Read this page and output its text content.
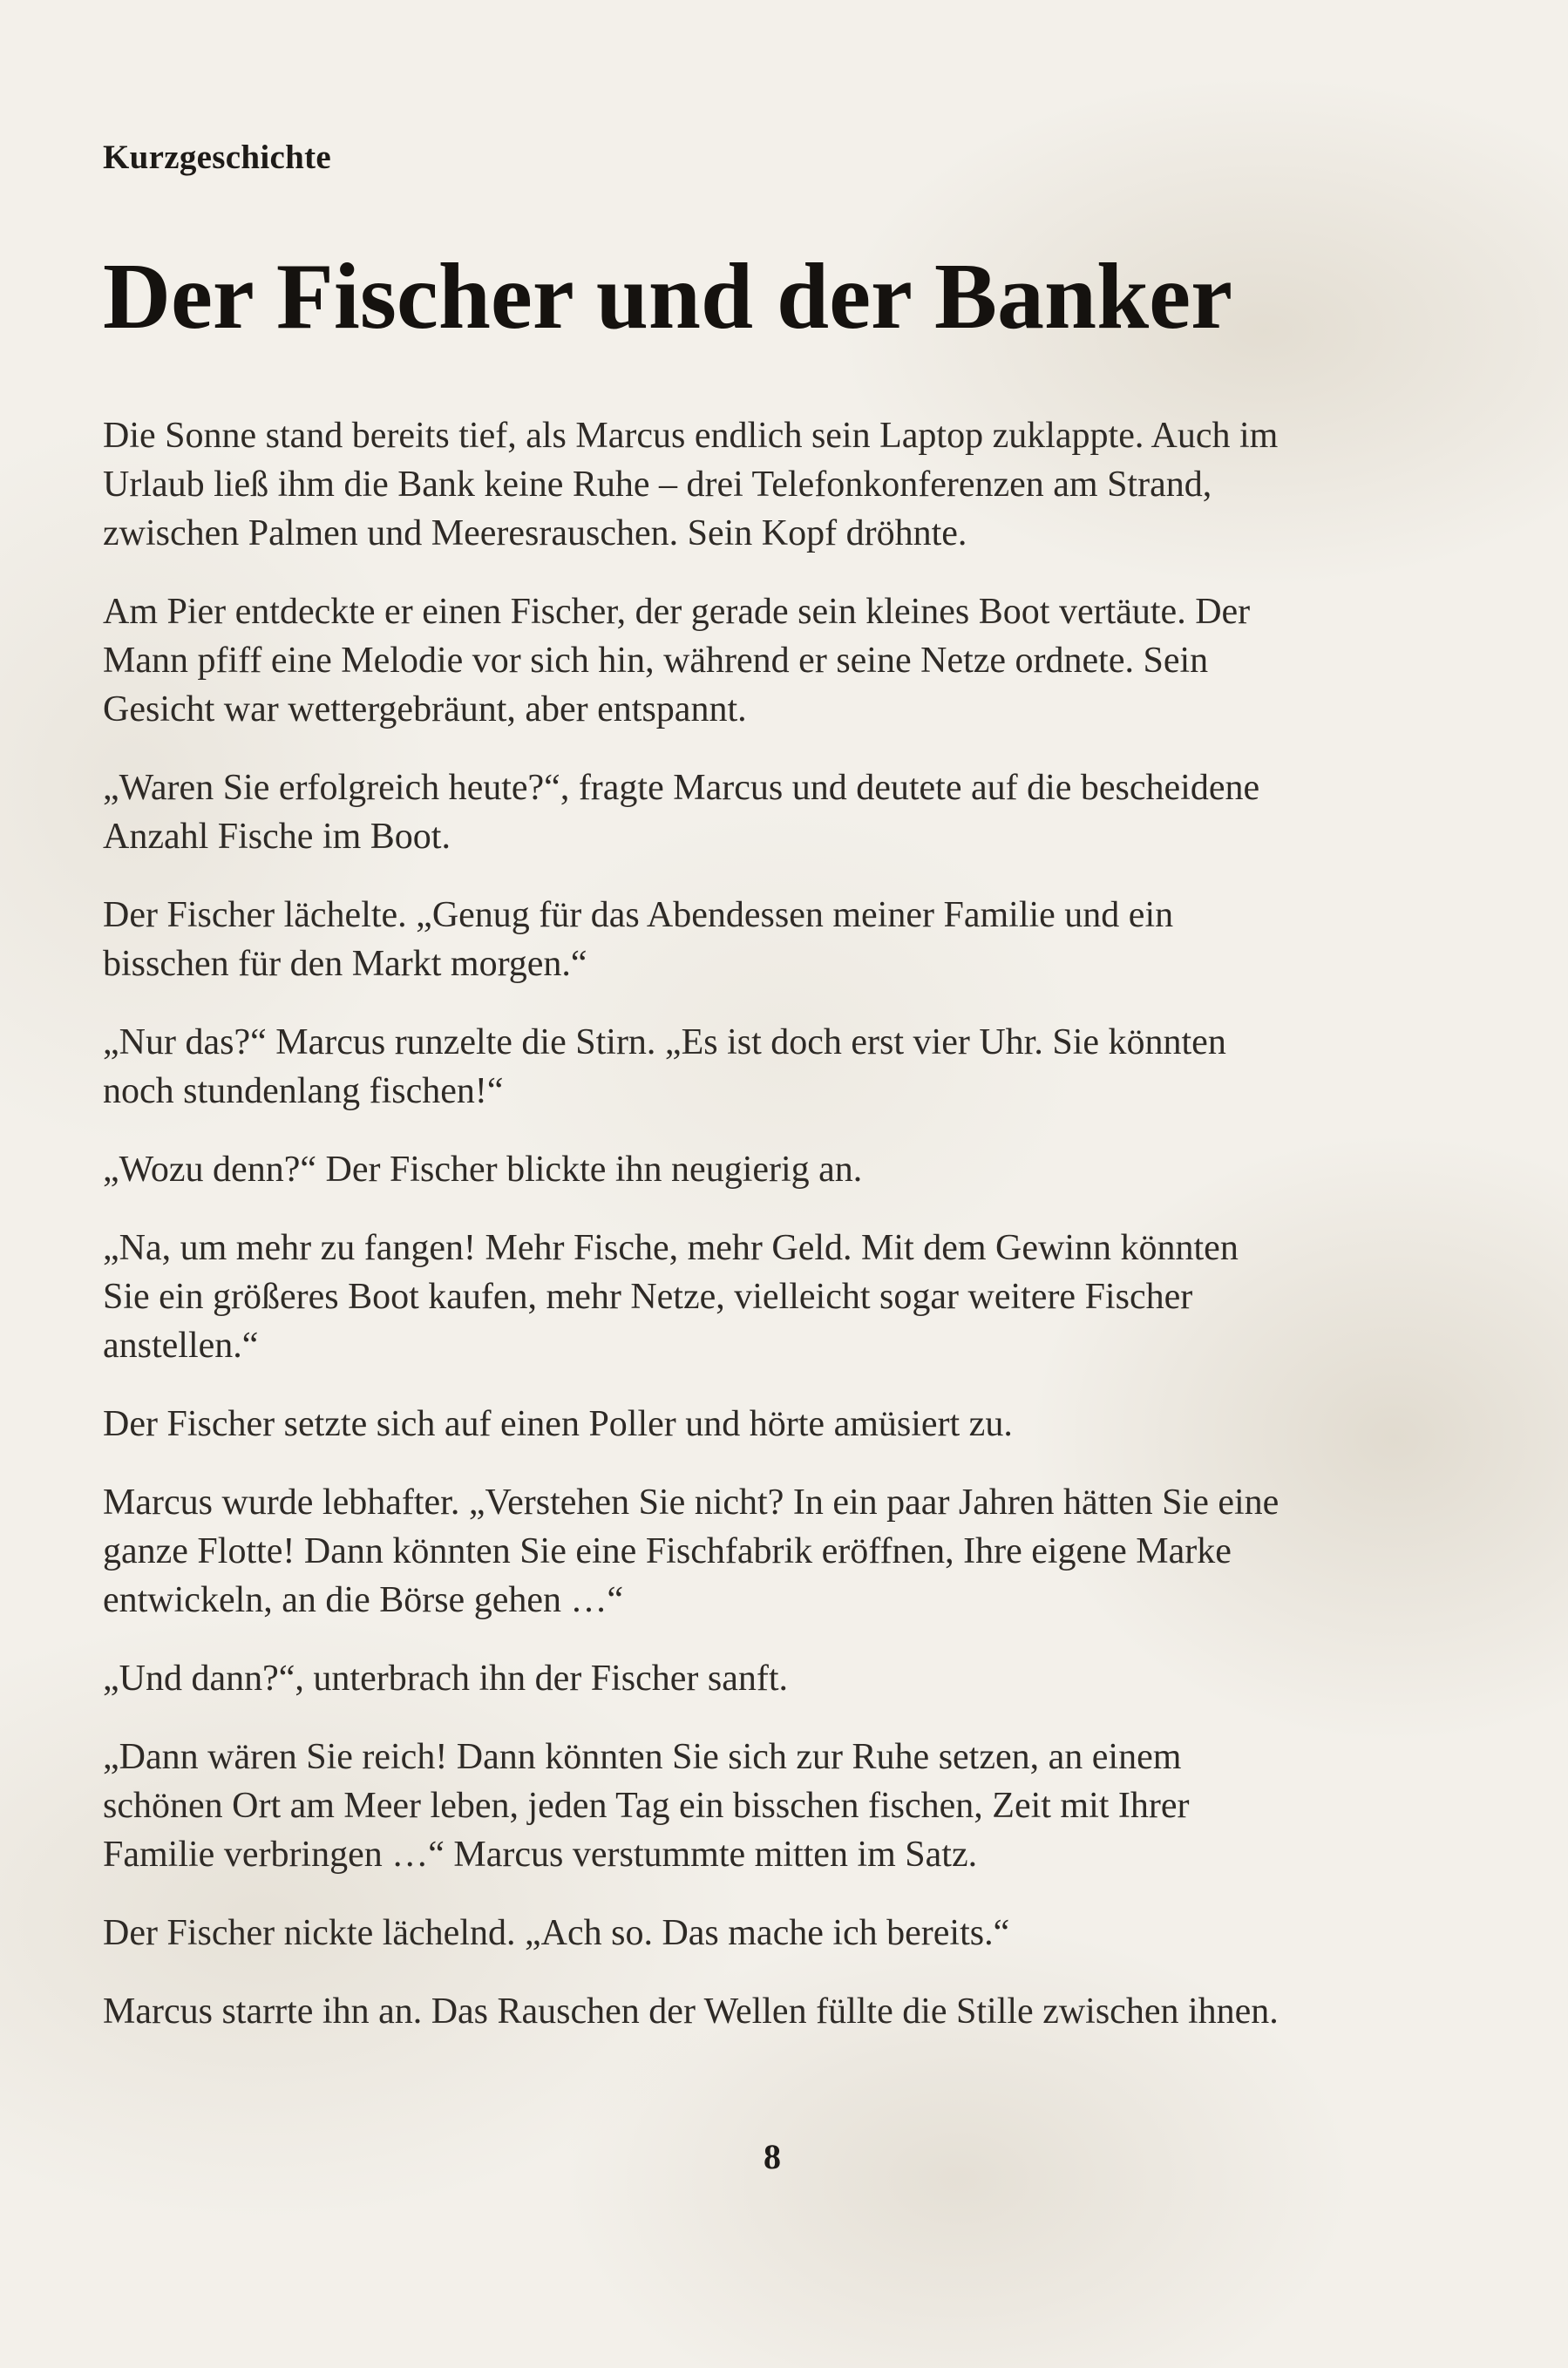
Kurzgeschichte
Der Fischer und der Banker

Die Sonne stand bereits tief, als Marcus endlich sein Laptop zuklappte. Auch im
Urlaub ließ ihm die Bank keine Ruhe – drei Telefonkonferenzen am Strand,
zwischen Palmen und Meeresrauschen. Sein Kopf dröhnte.

Am Pier entdeckte er einen Fischer, der gerade sein kleines Boot vertäute. Der
Mann pfiff eine Melodie vor sich hin, während er seine Netze ordnete. Sein
Gesicht war wettergebräunt, aber entspannt.

„Waren Sie erfolgreich heute?“, fragte Marcus und deutete auf die bescheidene
Anzahl Fische im Boot.

Der Fischer lächelte. „Genug für das Abendessen meiner Familie und ein
bisschen für den Markt morgen.“

„Nur das?“ Marcus runzelte die Stirn. „Es ist doch erst vier Uhr. Sie könnten
noch stundenlang fischen!“

„Wozu denn?“ Der Fischer blickte ihn neugierig an.

„Na, um mehr zu fangen! Mehr Fische, mehr Geld. Mit dem Gewinn könnten
Sie ein größeres Boot kaufen, mehr Netze, vielleicht sogar weitere Fischer
anstellen.“

Der Fischer setzte sich auf einen Poller und hörte amüsiert zu.

Marcus wurde lebhafter. „Verstehen Sie nicht? In ein paar Jahren hätten Sie eine
ganze Flotte! Dann könnten Sie eine Fischfabrik eröffnen, Ihre eigene Marke
entwickeln, an die Börse gehen …“

„Und dann?“, unterbrach ihn der Fischer sanft.

„Dann wären Sie reich! Dann könnten Sie sich zur Ruhe setzen, an einem
schönen Ort am Meer leben, jeden Tag ein bisschen fischen, Zeit mit Ihrer
Familie verbringen …“ Marcus verstummte mitten im Satz.

Der Fischer nickte lächelnd. „Ach so. Das mache ich bereits.“

Marcus starrte ihn an. Das Rauschen der Wellen füllte die Stille zwischen ihnen.

8
